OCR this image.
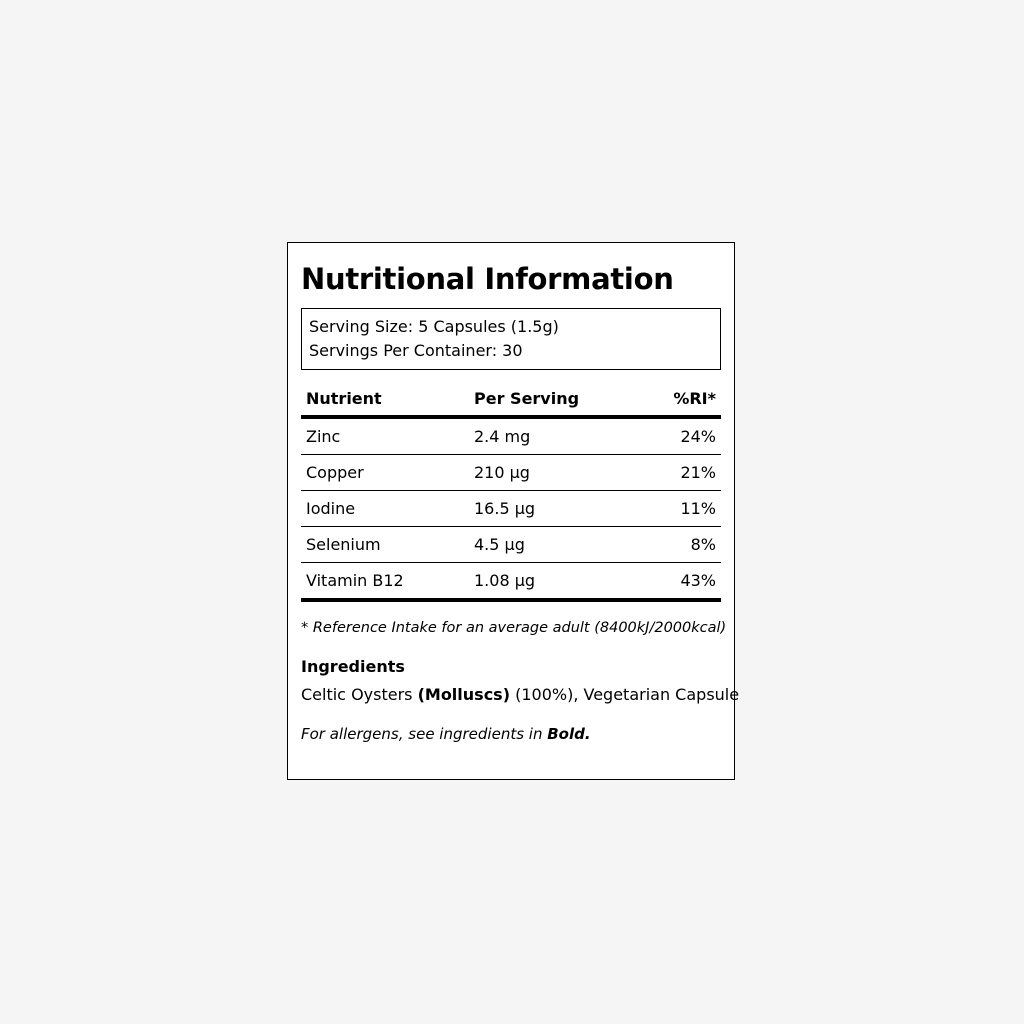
Nutritional Information
Serving Size: 5 Capsules (1.5g)
Servings Per Container: 30
Nutrient	Per Serving	%RI*
Zinc	2.4 mg	24%
Copper	210 μg	21%
Iodine	16.5 μg	11%
Selenium	4.5 μg	8%
Vitamin B12	1.08 μg	43%
* Reference Intake for an average adult (8400kJ/2000kcal)
Ingredients
Celtic Oysters (Molluscs) (100%), Vegetarian Capsule
For allergens, see ingredients in Bold.
